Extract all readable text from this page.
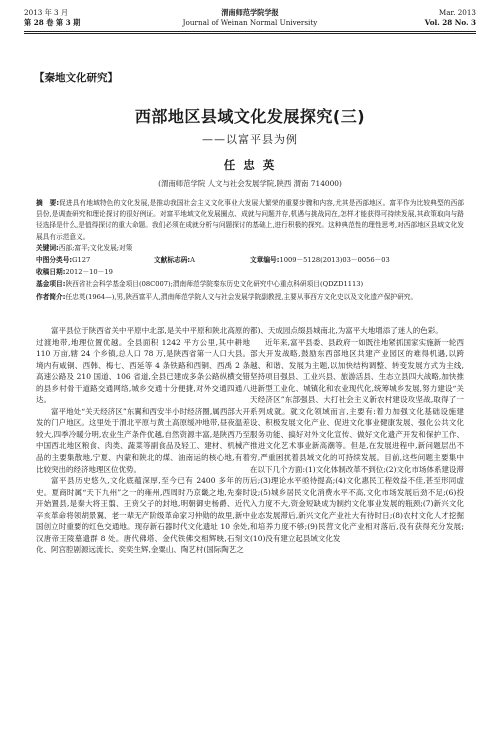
2013 年 3 月
第 28 卷 第 3 期
渭南师范学院学报
Journal of Weinan Normal University
Mar. 2013
Vol. 28 No. 3
【秦地文化研究】
西部地区县域文化发展探究(三)
——以富平县为例
任 忠 英
(渭南师范学院 人文与社会发展学院,陕西 渭南 714000)
摘　要:促进具有地域特色的文化发展,是推动我国社会主义文化事业大发展大繁荣的重要步骤和内容,尤其是西部地区。富平作为比较典型的西部县份,是调查研究和理论探讨的很好例证。对富平地域文化发展圈点、成就与问题并存,机遇与挑战同在,怎样才能获得可持续发展,其政策取向与路径选择是什么,是值得探讨的重大命题。我们必须在成就分析与问题探讨的基础上,进行积极的探究。这种典范性的理性思考,对西部地区县域文化发展具有示范意义。
关键词:西部;富平;文化发展;对策
中图分类号:G127	文献标志码:A	文章编号:1009－5128(2013)03－0056－03
收稿日期:2012－10－19
基金项目:陕西省社会科学基金项目(08C007);渭南师范学院秦东历史文化研究中心重点科研项目(QDZD1113)
作者简介:任忠英(1964—),男,陕西富平人,渭南师范学院人文与社会发展学院副教授,主要从事西方文化史以及文化遗产保护研究。

富平县位于陕西省关中平原中北部,是关中平原和陕北高原的过渡地带,地理位置优越。全县面积 1242 平方公里,其中耕地 110 万亩,辖 24 个乡镇,总人口 78 万,是陕西省第一人口大县。境内有咸铜、西韩、梅七、西延等 4 条铁路和西铜、西禹 2 条高速公路及 210 国道、106 省道,全县已建成多条公路纵横交错的县乡村骨干道路交通网络,城乡交通十分便捷,对外交通四通八达。

富平地处“关天经济区”东翼和西安半小时经济圈,属西部大开发的门户地区。这里处于渭北平原与黄土高原缓冲地带,昼夜温差较大,四季冷暖分明,农业生产条件优越,自然资源丰富,是陕西乃至中国西北地区粮食、肉类、蔬菜等副食品及轻工、建材、机械产品的主要集散地,宁夏、内蒙和陕北的煤、油南运的核心地,有着比较突出的经济地理区位优势。

富平县历史悠久,文化底蕴深厚,至今已有 2400 多年的历史。夏商时属“天下九州”之一的雍州,西周时乃京畿之地,先秦时开始置县,是秦大将王翦、王贲父子的封地,明朝御史杨爵、近代辛亥革命将领胡景翼、老一辈无产阶级革命家习仲勋的故里,新中国创立时重要的红色交通地。现存新石器时代文化遗址 10 余处,汉唐帝王陵墓遗群 8 处。唐代佛塔、金代铁佛交相辉映,石刻文化、阿宫腔剧源远流长、奕奕生辉,金粟山、陶艺村(国际陶艺之

都)、天成园点缀县城南北,为富平大地增添了迷人的色彩。

近年来,富平县委、县政府一如既往地紧抓国家实施新一轮西部大开发战略,鼓励东西部地区共建产业园区的难得机遇,以跨越、和谐、发展为主题,以加快结构调整、转变发展方式为主线,坚持项目强县、工业兴县、旅游活县、生态立县四大战略,加快推进新型工业化、城镇化和农业现代化,统筹城乡发展,努力建设“关天经济区”东部强县、大打社会主义新农村建设攻坚战,取得了一系列成就。就文化领域而言,主要有:着力加强文化基础设施建设、积极发展文化产业、促进文化事业健康发展、强化公共文化服务功能、搞好对外文化宣传、做好文化遗产开发和保护工作、推进文化艺术事业新高潮等。但是,在发展进程中,新问题层出不穷,严重困扰着县域文化的可持续发展。目前,这些问题主要集中在以下几个方面:(1)文化体制改革不到位;(2)文化市场体系建设滞后;(3)理论水平亟待提高;(4)文化惠民工程效益不佳,甚至形同虚设;(5)城乡居民文化消费水平不高,文化市场发展后劲不足;(6)投入力度不大,资金短缺成为制约文化事业发展的瓶颈;(7)新兴文化业态发展滞后,新兴文化产业社大有待时日;(8)农村文化人才挖掘和培养力度不够;(9)民营文化产业相对落后,没有获得充分发展;(10)没有建立起县域文化发
